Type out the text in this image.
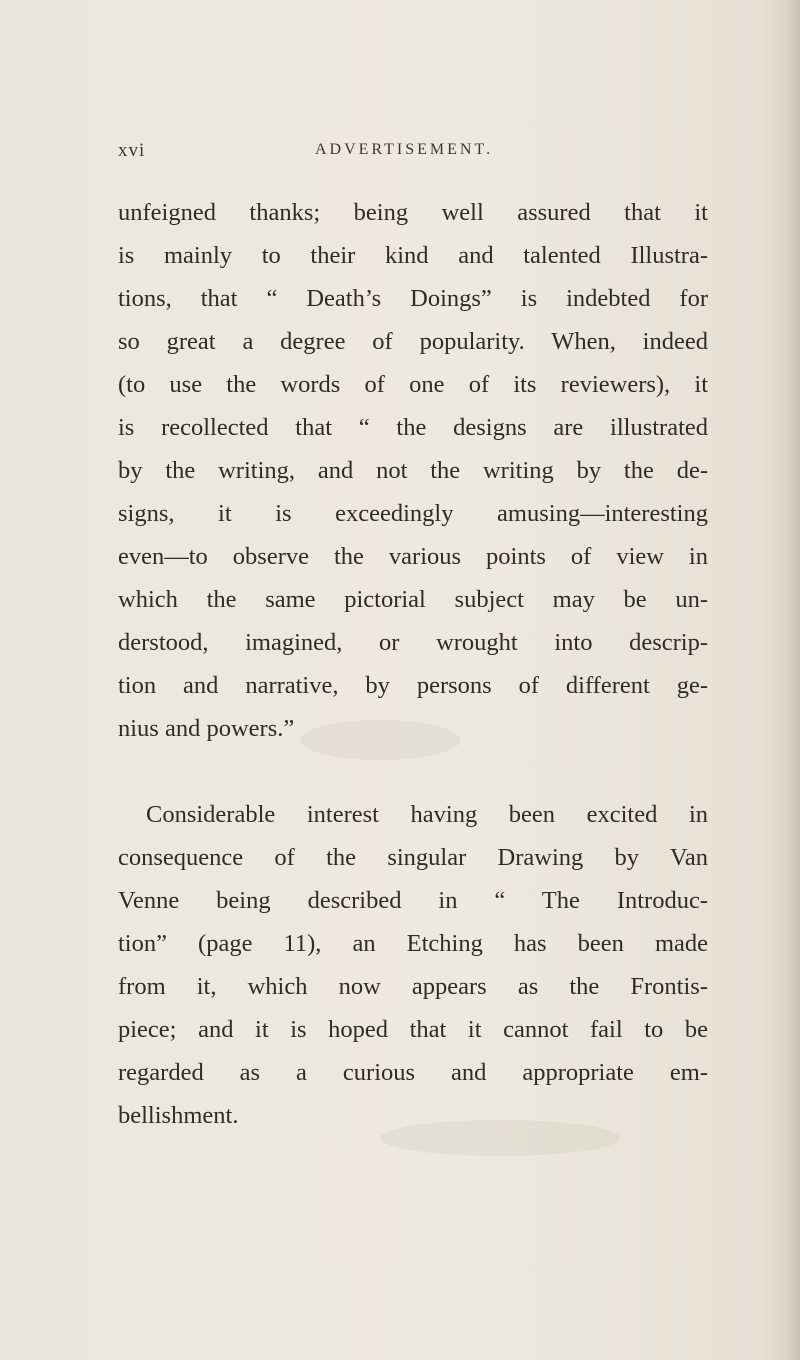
xvi	ADVERTISEMENT.
unfeigned thanks; being well assured that it
is mainly to their kind and talented Illustra-
tions, that “ Death’s Doings” is indebted for
so great a degree of popularity. When, indeed
(to use the words of one of its reviewers), it
is recollected that “ the designs are illustrated
by the writing, and not the writing by the de-
signs, it is exceedingly amusing—interesting
even—to observe the various points of view in
which the same pictorial subject may be un-
derstood, imagined, or wrought into descrip-
tion and narrative, by persons of different ge-
nius and powers.”
Considerable interest having been excited in
consequence of the singular Drawing by Van
Venne being described in “ The Introduc-
tion” (page 11), an Etching has been made
from it, which now appears as the Frontis-
piece; and it is hoped that it cannot fail to be
regarded as a curious and appropriate em-
bellishment.
